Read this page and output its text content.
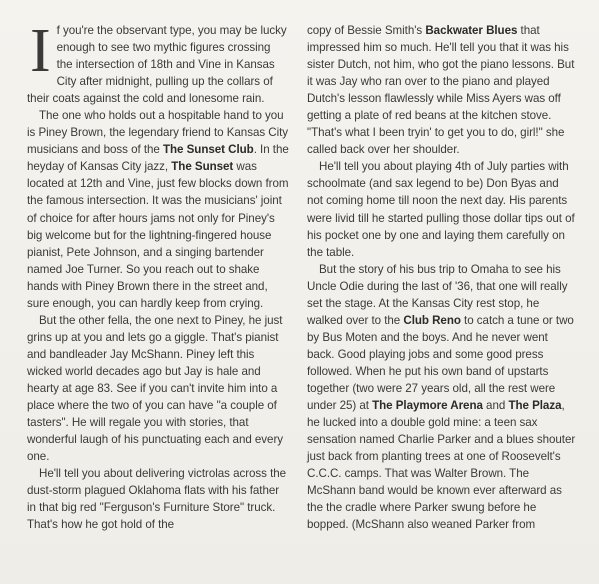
I f you're the observant type, you may be lucky enough to see two mythic figures crossing the intersection of 18th and Vine in Kansas City after midnight, pulling up the collars of their coats against the cold and lonesome rain.

The one who holds out a hospitable hand to you is Piney Brown, the legendary friend to Kansas City musicians and boss of the The Sunset Club. In the heyday of Kansas City jazz, The Sunset was located at 12th and Vine, just few blocks down from the famous intersection. It was the musicians' joint of choice for after hours jams not only for Piney's big welcome but for the lightning-fingered house pianist, Pete Johnson, and a singing bartender named Joe Turner. So you reach out to shake hands with Piney Brown there in the street and, sure enough, you can hardly keep from crying.

But the other fella, the one next to Piney, he just grins up at you and lets go a giggle. That's pianist and bandleader Jay McShann. Piney left this wicked world decades ago but Jay is hale and hearty at age 83. See if you can't invite him into a place where the two of you can have "a couple of tasters". He will regale you with stories, that wonderful laugh of his punctuating each and every one.

He'll tell you about delivering victrolas across the dust-storm plagued Oklahoma flats with his father in that big red "Ferguson's Furniture Store" truck. That's how he got hold of the

copy of Bessie Smith's Backwater Blues that impressed him so much. He'll tell you that it was his sister Dutch, not him, who got the piano lessons. But it was Jay who ran over to the piano and played Dutch's lesson flawlessly while Miss Ayers was off getting a plate of red beans at the kitchen stove. "That's what I been tryin' to get you to do, girl!" she called back over her shoulder.

He'll tell you about playing 4th of July parties with schoolmate (and sax legend to be) Don Byas and not coming home till noon the next day. His parents were livid till he started pulling those dollar tips out of his pocket one by one and laying them carefully on the table.

But the story of his bus trip to Omaha to see his Uncle Odie during the last of '36, that one will really set the stage. At the Kansas City rest stop, he walked over to the Club Reno to catch a tune or two by Bus Moten and the boys. And he never went back. Good playing jobs and some good press followed. When he put his own band of upstarts together (two were 27 years old, all the rest were under 25) at The Playmore Arena and The Plaza, he lucked into a double gold mine: a teen sax sensation named Charlie Parker and a blues shouter just back from planting trees at one of Roosevelt's C.C.C. camps. That was Walter Brown. The McShann band would be known ever afterward as the the cradle where Parker swung before he bopped. (McShann also weaned Parker from
